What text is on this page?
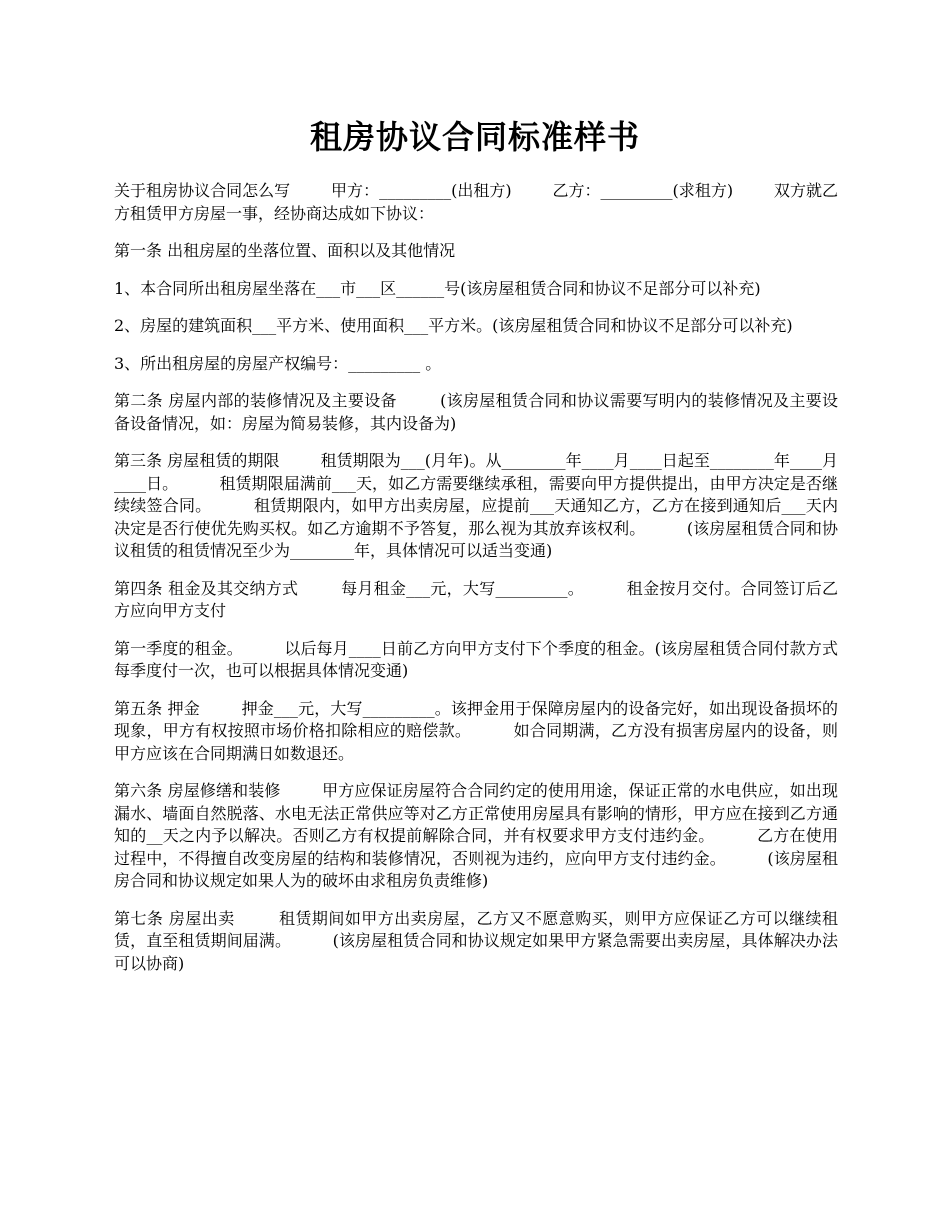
租房协议合同标准样书

关于租房协议合同怎么写        甲方：_________(出租方)        乙方：_________(求租方)        双方就乙方租赁甲方房屋一事，经协商达成如下协议：

第一条 出租房屋的坐落位置、面积以及其他情况

1、本合同所出租房屋坐落在___市___区______号(该房屋租赁合同和协议不足部分可以补充)

2、房屋的建筑面积___平方米、使用面积___平方米。(该房屋租赁合同和协议不足部分可以补充)

3、所出租房屋的房屋产权编号：_________ 。

第二条 房屋内部的装修情况及主要设备        (该房屋租赁合同和协议需要写明内的装修情况及主要设备设备情况，如：房屋为简易装修，其内设备为)

第三条 房屋租赁的期限        租赁期限为___(月年)。从________年____月____日起至________年____月____日。        租赁期限届满前___天，如乙方需要继续承租，需要向甲方提供提出，由甲方决定是否继续续签合同。        租赁期限内，如甲方出卖房屋，应提前___天通知乙方，乙方在接到通知后___天内决定是否行使优先购买权。如乙方逾期不予答复，那么视为其放弃该权利。        (该房屋租赁合同和协议租赁的租赁情况至少为________年，具体情况可以适当变通)

第四条 租金及其交纳方式        每月租金___元，大写_________。        租金按月交付。合同签订后乙方应向甲方支付

第一季度的租金。        以后每月____日前乙方向甲方支付下个季度的租金。(该房屋租赁合同付款方式每季度付一次，也可以根据具体情况变通)

第五条 押金        押金___元，大写_________。该押金用于保障房屋内的设备完好，如出现设备损坏的现象，甲方有权按照市场价格扣除相应的赔偿款。        如合同期满，乙方没有损害房屋内的设备，则甲方应该在合同期满日如数退还。

第六条 房屋修缮和装修        甲方应保证房屋符合合同约定的使用用途，保证正常的水电供应，如出现漏水、墙面自然脱落、水电无法正常供应等对乙方正常使用房屋具有影响的情形，甲方应在接到乙方通知的__天之内予以解决。否则乙方有权提前解除合同，并有权要求甲方支付违约金。        乙方在使用过程中，不得擅自改变房屋的结构和装修情况，否则视为违约，应向甲方支付违约金。        (该房屋租房合同和协议规定如果人为的破坏由求租房负责维修)

第七条 房屋出卖        租赁期间如甲方出卖房屋，乙方又不愿意购买，则甲方应保证乙方可以继续租赁，直至租赁期间届满。        (该房屋租赁合同和协议规定如果甲方紧急需要出卖房屋，具体解决办法可以协商)
